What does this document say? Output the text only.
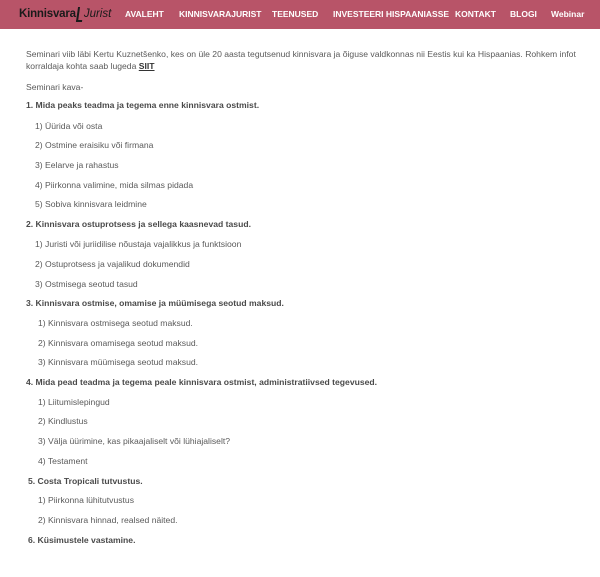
Kinnisvara Jurist AVALEHT KINNISVARAJURIST TEENUSED INVESTEERI HISPAANIASSE KONTAKT BLOGI Webinar

Seminari viib läbi Kertu Kuznetšenko, kes on üle 20 aasta tegutsenud kinnisvara ja õiguse valdkonnas nii Eestis kui ka Hispaanias. Rohkem infot korraldaja kohta saab lugeda SIIT

Seminari kava-
1. Mida peaks teadma ja tegema enne kinnisvara ostmist.
1) Üürida või osta
2) Ostmine eraisiku või firmana
3) Eelarve ja rahastus
4) Piirkonna valimine, mida silmas pidada
5) Sobiva kinnisvara leidmine
2. Kinnisvara ostuprotsess ja sellega kaasnevad tasud.
1) Juristi või juriidilise nõustaja vajalikkus ja funktsioon
2) Ostuprotsess ja vajalikud dokumendid
3) Ostmisega seotud tasud
3. Kinnisvara ostmise, omamise ja müümisega seotud maksud.
1) Kinnisvara ostmisega seotud maksud.
2) Kinnisvara omamisega seotud maksud.
3) Kinnisvara müümisega seotud maksud.
4. Mida pead teadma ja tegema peale kinnisvara ostmist, administratiivsed tegevused.
1) Liitumislepingud
2) Kindlustus
3) Välja üürimine, kas pikaajaliselt või lühiajaliselt?
4) Testament
5. Costa Tropicali tutvustus.
1) Piirkonna lühitutvustus
2) Kinnisvara hinnad, realsed näited.
6. Küsimustele vastamine.
